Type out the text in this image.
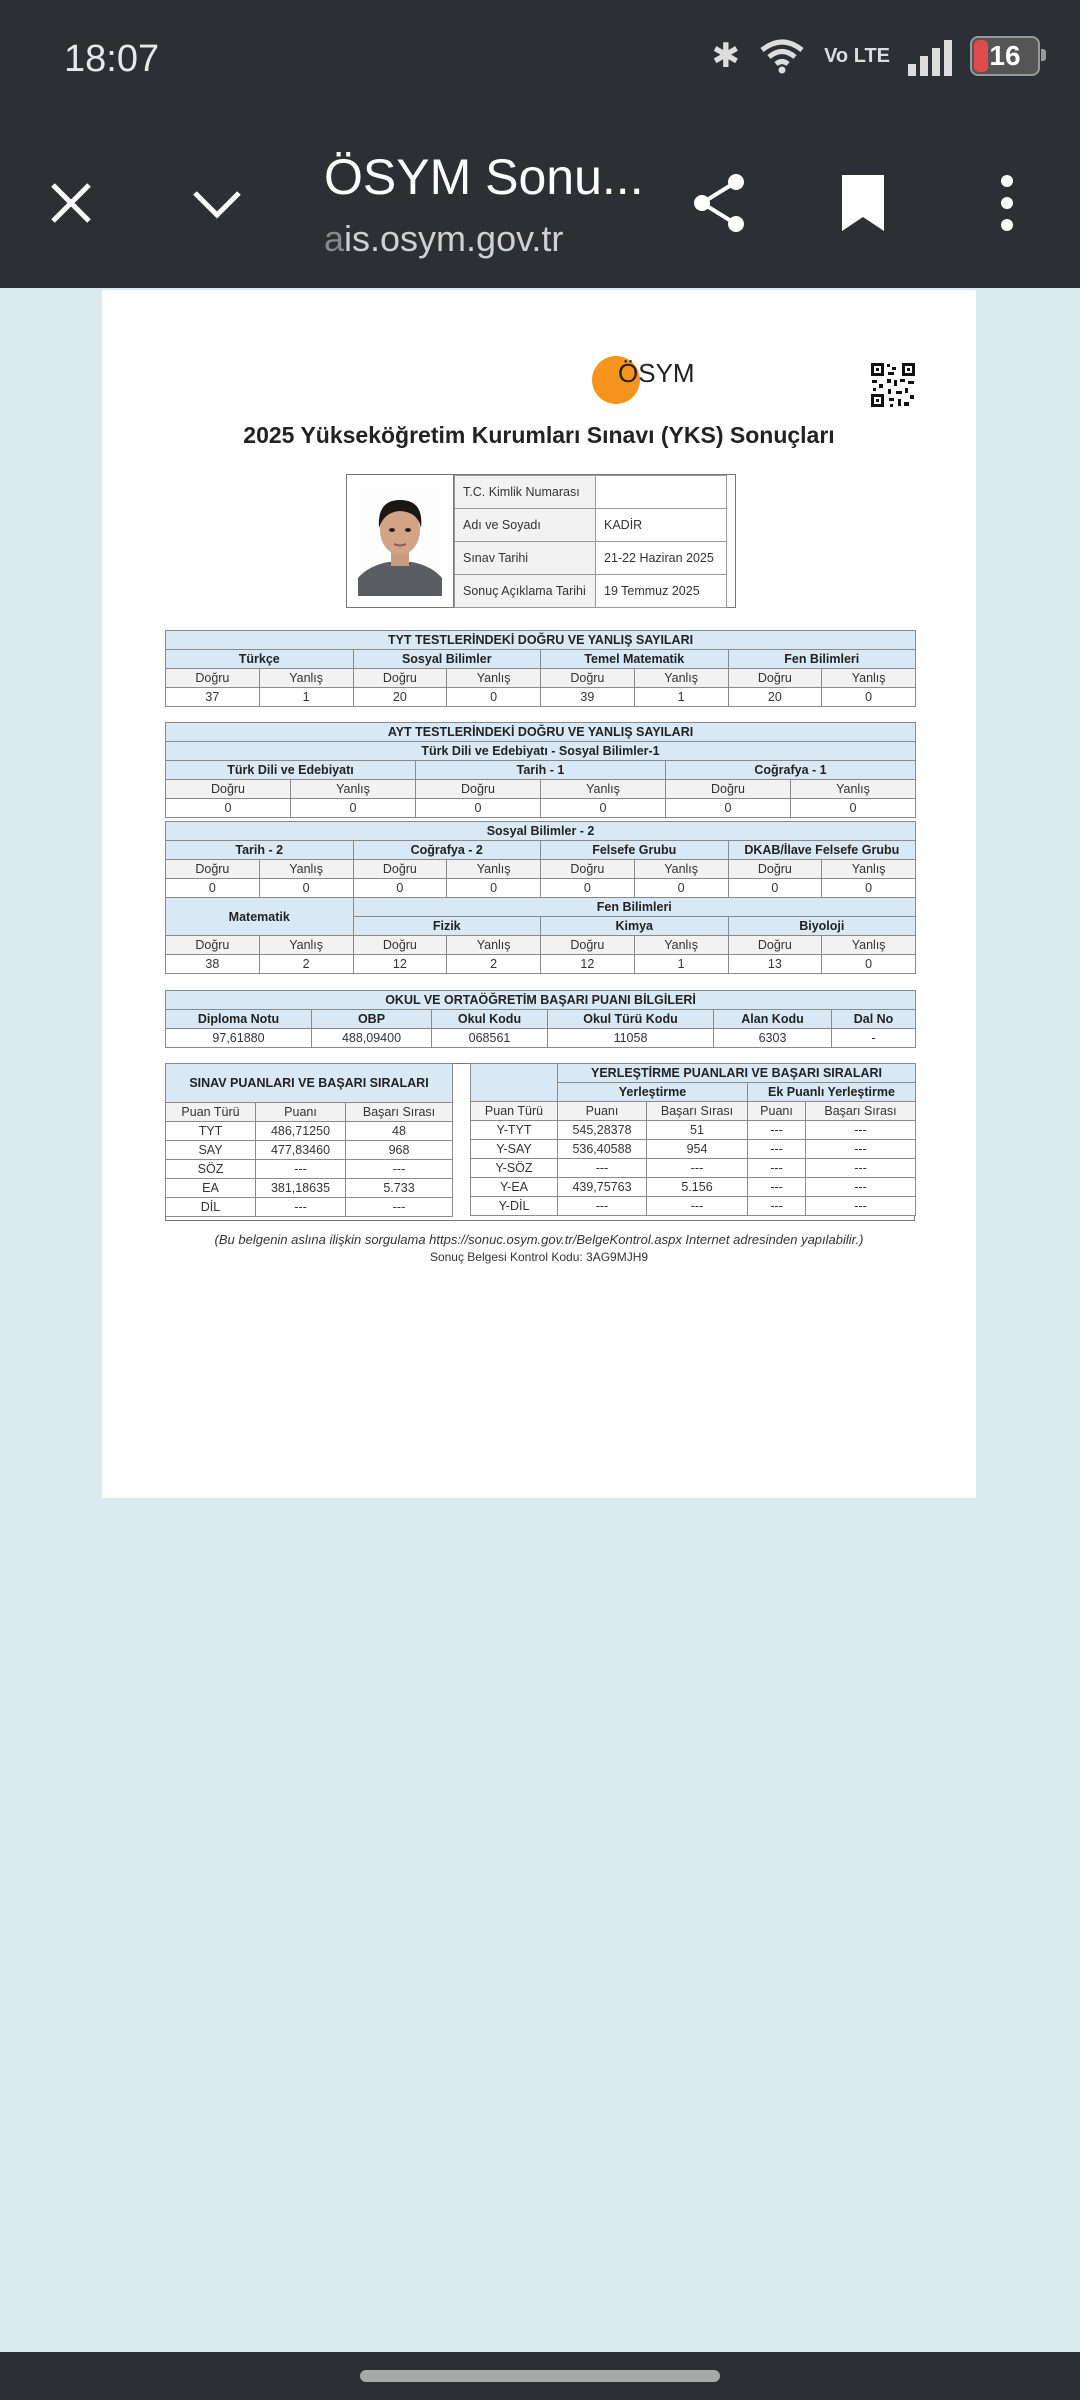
18:07	✱	Vo LTE	16
ÖSYM Sonu...
ais.osym.gov.tr
ÖSYM
2025 Yükseköğretim Kurumları Sınavı (YKS) Sonuçları
T.C. Kimlik Numarası	
Adı ve Soyadı	KADİR
Sınav Tarihi	21-22 Haziran 2025
Sonuç Açıklama Tarihi	19 Temmuz 2025
TYT TESTLERİNDEKİ DOĞRU VE YANLIŞ SAYILARI							
Türkçe		Sosyal Bilimler		Temel Matematik		Fen Bilimleri	
Doğru	Yanlış	Doğru	Yanlış	Doğru	Yanlış	Doğru	Yanlış
37	1	20	0	39	1	20	0
AYT TESTLERİNDEKİ DOĞRU VE YANLIŞ SAYILARI					
Türk Dili ve Edebiyatı - Sosyal Bilimler-1					
Türk Dili ve Edebiyatı		Tarih - 1		Coğrafya - 1	
Doğru	Yanlış	Doğru	Yanlış	Doğru	Yanlış
0	0	0	0	0	0
Sosyal Bilimler - 2							
Tarih - 2		Coğrafya - 2		Felsefe Grubu		DKAB/İlave Felsefe Grubu	
Doğru	Yanlış	Doğru	Yanlış	Doğru	Yanlış	Doğru	Yanlış
0	0	0	0	0	0	0	0
Matematik		Fen Bilimleri					
		Fizik		Kimya		Biyoloji	
Doğru	Yanlış	Doğru	Yanlış	Doğru	Yanlış	Doğru	Yanlış
38	2	12	2	12	1	13	0
OKUL VE ORTAÖĞRETİM BAŞARI PUANI BİLGİLERİ					
Diploma Notu	OBP	Okul Kodu	Okul Türü Kodu	Alan Kodu	Dal No
97,61880	488,09400	068561	11058	6303	-
SINAV PUANLARI VE BAŞARI SIRALARI		

Puan Türü	Puanı	Başarı Sırası
TYT	486,71250	48
SAY	477,83460	968
SÖZ	---	---
EA	381,18635	5.733
DİL	---	---
	YERLEŞTİRME PUANLARI VE BAŞARI SIRALARI			
	Yerleştirme		Ek Puanlı Yerleştirme	
Puan Türü	Puanı	Başarı Sırası	Puanı	Başarı Sırası
Y-TYT	545,28378	51	---	---
Y-SAY	536,40588	954	---	---
Y-SÖZ	---	---	---	---
Y-EA	439,75763	5.156	---	---
Y-DİL	---	---	---	---
(Bu belgenin aslına ilişkin sorgulama https://sonuc.osym.gov.tr/BelgeKontrol.aspx Internet adresinden yapılabilir.)
Sonuç Belgesi Kontrol Kodu: 3AG9MJH9
